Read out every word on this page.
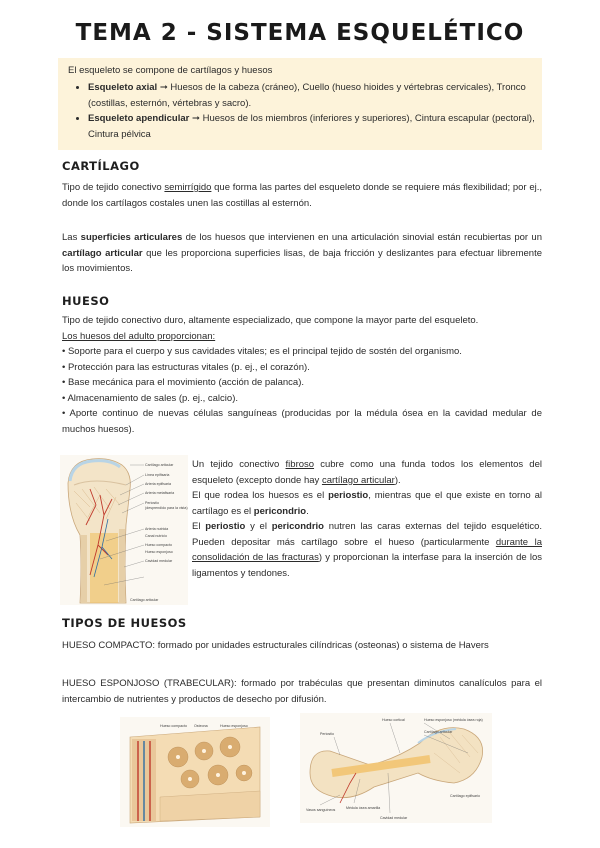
TEMA 2 - SISTEMA ESQUELÉTICO

El esqueleto se compone de cartílagos y huesos

• Esqueleto axial ➞ Huesos de la cabeza (cráneo), Cuello (hueso hioides y vértebras cervicales), Tronco (costillas, esternón, vértebras y sacro).
• Esqueleto apendicular ➞ Huesos de los miembros (inferiores y superiores), Cintura escapular (pectoral), Cintura pélvica
CARTÍLAGO

Tipo de tejido conectivo semirrígido que forma las partes del esqueleto donde se requiere más flexibilidad; por ej., donde los cartílagos costales unen las costillas al esternón.

Las superficies articulares de los huesos que intervienen en una articulación sinovial están recubiertas por un cartílago articular que les proporciona superficies lisas, de baja fricción y deslizantes para efectuar libremente los movimientos.

HUESO

Tipo de tejido conectivo duro, altamente especializado, que compone la mayor parte del esqueleto.

Los huesos del adulto proporcionan:

• Soporte para el cuerpo y sus cavidades vitales; es el principal tejido de sostén del organismo.

• Protección para las estructuras vitales (p. ej., el corazón).

• Base mecánica para el movimiento (acción de palanca).

• Almacenamiento de sales (p. ej., calcio).

• Aporte continuo de nuevas células sanguíneas (producidas por la médula ósea en la cavidad medular de muchos huesos).

Cartílago articular
Línea epifisaria
Arteria epifisaria
Arteria metafisaria
Periostio
(desprendido para la vista)
Arteria nutricia
Canal nutricio
Hueso compacto
Hueso esponjoso
Cavidad medular
Cartílago articular

Un tejido conectivo fibroso cubre como una funda todos los elementos del esqueleto (excepto donde hay cartílago articular).

El que rodea los huesos es el periostio, mientras que el que existe en torno al cartílago es el pericondrio.

El periostio y el pericondrio nutren las caras externas del tejido esquelético. Pueden depositar más cartílago sobre el hueso (particularmente durante la consolidación de las fracturas) y proporcionan la interfase para la inserción de los ligamentos y tendones.

TIPOS DE HUESOS

HUESO COMPACTO: formado por unidades estructurales cilíndricas (osteonas) o sistema de Havers

HUESO ESPONJOSO (TRABECULAR): formado por trabéculas que presentan diminutos canalículos para el intercambio de nutrientes y productos de desecho por difusión.

Osteona
Hueso compacto	Hueso esponjoso
Hueso cortical	Hueso esponjoso (médula ósea roja)
Cartílago articular
Periostio
Vasos sanguíneos	Médula ósea amarilla
Cavidad medular
Cartílago epifisario
